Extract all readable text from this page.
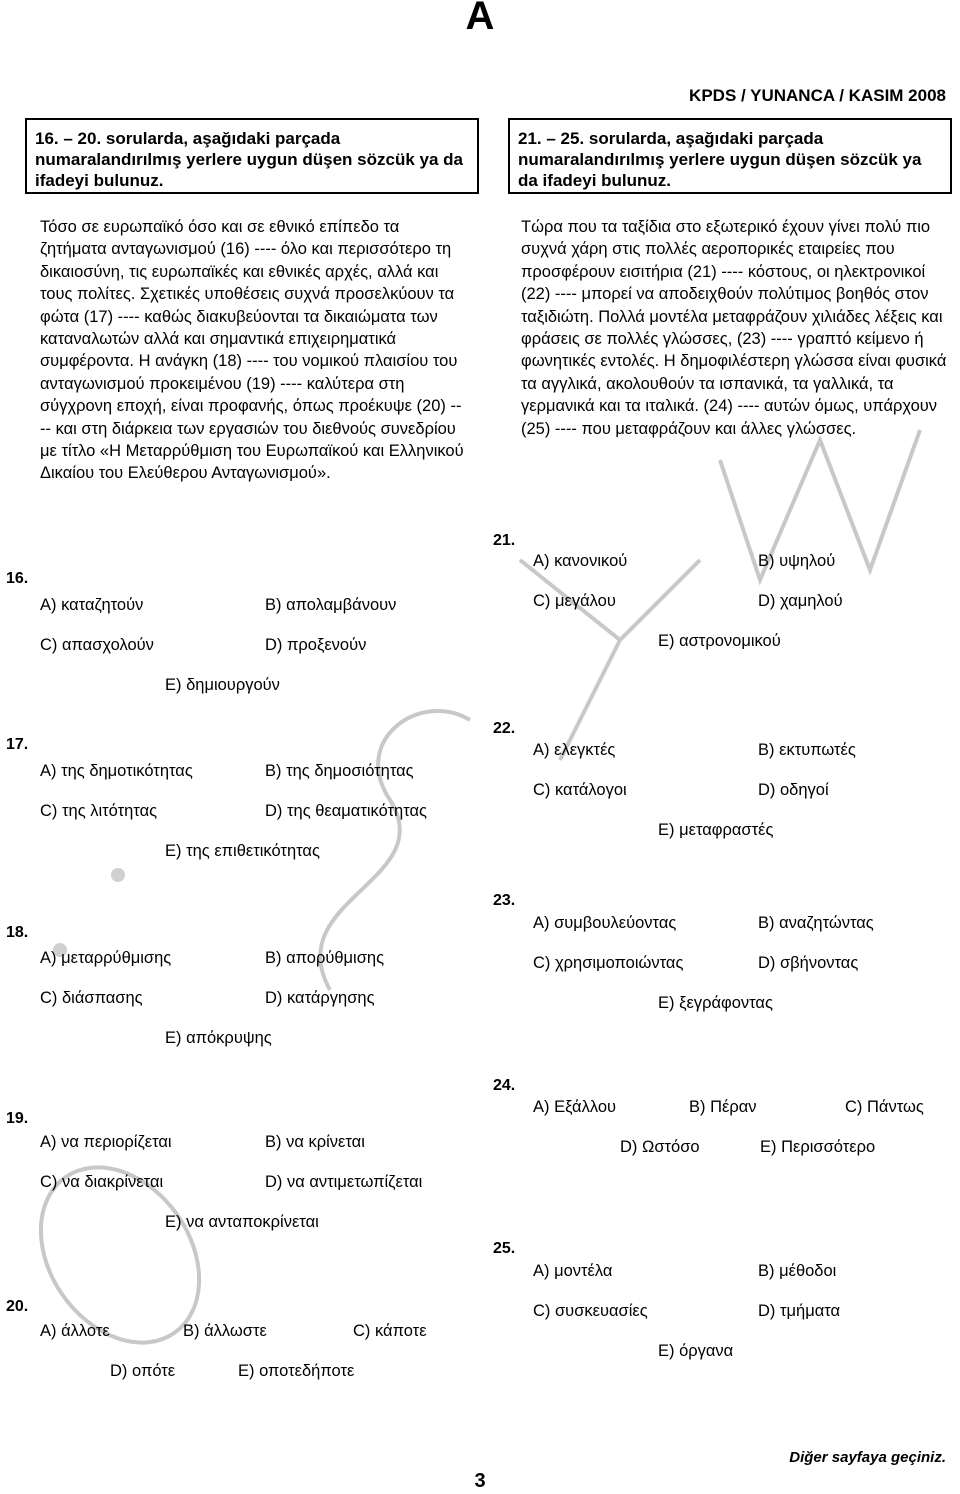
A
KPDS / YUNANCA / KASIM 2008
16. – 20. sorularda, aşağıdaki parçada numaralandırılmış yerlere uygun düşen sözcük ya da ifadeyi bulunuz.
21. – 25. sorularda, aşağıdaki parçada numaralandırılmış yerlere uygun düşen sözcük ya da ifadeyi bulunuz.
Τόσο σε ευρωπαϊκό όσο και σε εθνικό επίπεδο τα ζητήματα ανταγωνισμού (16) ---- όλο και περισσότερο τη δικαιοσύνη, τις ευρωπαϊκές και εθνικές αρχές, αλλά και τους πολίτες. Σχετικές υποθέσεις συχνά προσελκύουν τα φώτα (17) ---- καθώς διακυβεύονται τα δικαιώματα των καταναλωτών αλλά και σημαντικά επιχειρηματικά συμφέροντα. Η ανάγκη (18) ---- του νομικού πλαισίου του ανταγωνισμού προκειμένου (19) ---- καλύτερα στη σύγχρονη εποχή, είναι προφανής, όπως προέκυψε (20) ---- και στη διάρκεια των εργασιών του διεθνούς συνεδρίου με τίτλο «Η Μεταρρύθμιση του Ευρωπαϊκού και Ελληνικού Δικαίου του Ελεύθερου Ανταγωνισμού».
Τώρα που τα ταξίδια στο εξωτερικό έχουν γίνει πολύ πιο συχνά χάρη στις πολλές αεροπορικές εταιρείες που προσφέρουν εισιτήρια (21) ---- κόστους, οι ηλεκτρονικοί (22) ---- μπορεί να αποδειχθούν πολύτιμος βοηθός στον ταξιδιώτη. Πολλά μοντέλα μεταφράζουν χιλιάδες λέξεις και φράσεις σε πολλές γλώσσες, (23) ---- γραπτό κείμενο ή φωνητικές εντολές. Η δημοφιλέστερη γλώσσα είναι φυσικά τα αγγλικά, ακολουθούν τα ισπανικά, τα γαλλικά, τα γερμανικά και τα ιταλικά. (24) ---- αυτών όμως, υπάρχουν (25) ---- που μεταφράζουν και άλλες γλώσσες.
16.
A) καταζητούν	B) απολαμβάνουν
C) απασχολούν	D) προξενούν
E) δημιουργούν
17.
A) της δημοτικότητας	B) της δημοσιότητας
C) της λιτότητας	D) της θεαματικότητας
E) της επιθετικότητας
18.
A) μεταρρύθμισης	B) απορύθμισης
C) διάσπασης	D) κατάργησης
E) απόκρυψης
19.
A) να περιορίζεται	B) να κρίνεται
C) να διακρίνεται	D) να αντιμετωπίζεται
E) να ανταποκρίνεται
20.
A) άλλοτε	B) άλλωστε	C) κάποτε
D) οπότε	E) οποτεδήποτε
21.
A) κανονικού	B) υψηλού
C) μεγάλου	D) χαμηλού
E) αστρονομικού
22.
A) ελεγκτές	B) εκτυπωτές
C) κατάλογοι	D) οδηγοί
E) μεταφραστές
23.
A) συμβουλεύοντας	B) αναζητώντας
C) χρησιμοποιώντας	D) σβήνοντας
E) ξεγράφοντας
24.
A) Εξάλλου	B) Πέραν	C) Πάντως
D) Ωστόσο	E) Περισσότερο
25.
A) μοντέλα	B) μέθοδοι
C) συσκευασίες	D) τμήματα
E) όργανα
Diğer sayfaya geçiniz.
3
